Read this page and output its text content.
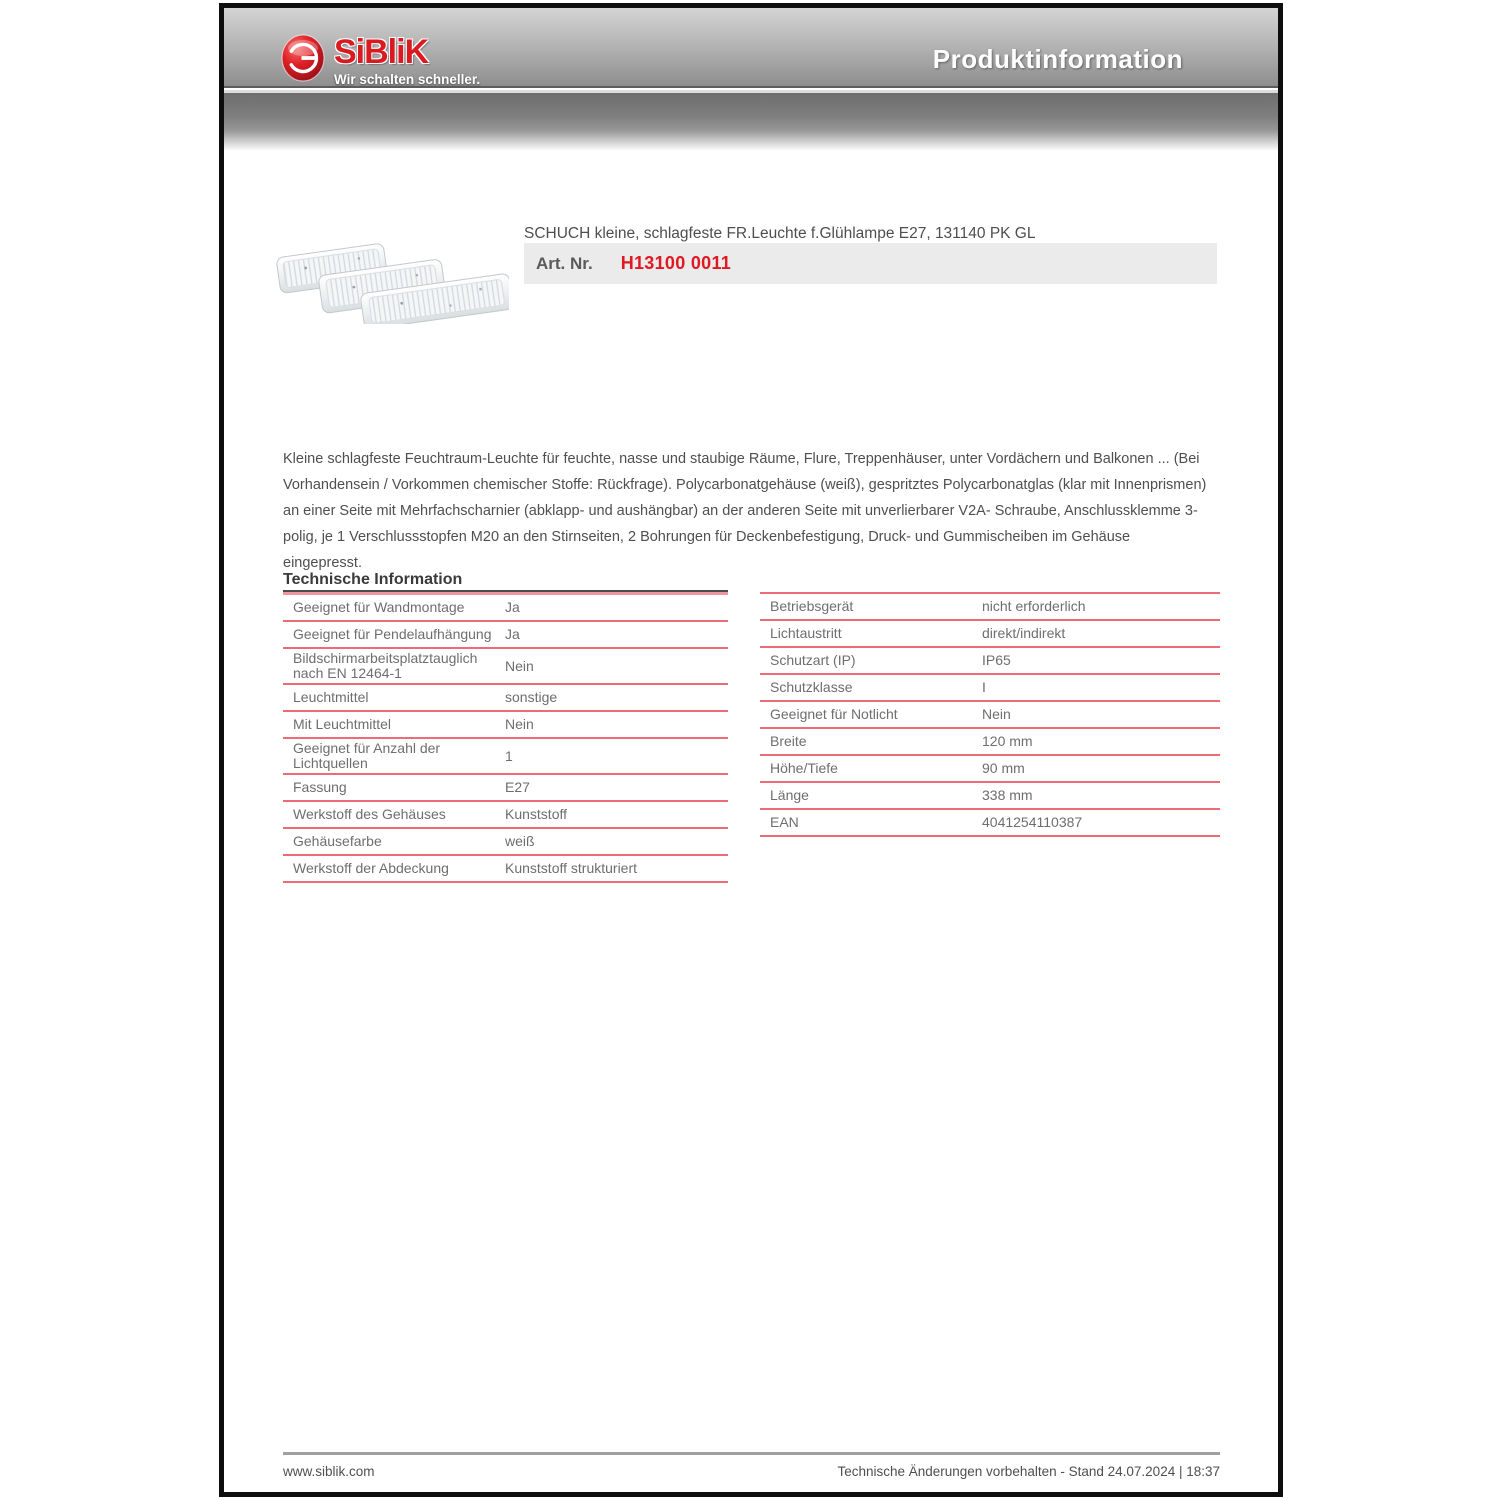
SiBliK
Wir schalten schneller.
Produktinformation
SCHUCH kleine, schlagfeste FR.Leuchte f.Glühlampe E27, 131140 PK GL
Art. Nr. H13100 0011

Kleine schlagfeste Feuchtraum-Leuchte für feuchte, nasse und staubige Räume, Flure, Treppenhäuser, unter Vordächern und Balkonen ... (Bei Vorhandensein / Vorkommen chemischer Stoffe: Rückfrage). Polycarbonatgehäuse (weiß), gespritztes Polycarbonatglas (klar mit Innenprismen) an einer Seite mit Mehrfachscharnier (abklapp- und aushängbar) an der anderen Seite mit unverlierbarer V2A- Schraube, Anschlussklemme 3-polig, je 1 Verschlussstopfen M20 an den Stirnseiten, 2 Bohrungen für Deckenbefestigung, Druck- und Gummischeiben im Gehäuse eingepresst.

Technische Information
Geeignet für Wandmontage	Ja
Geeignet für Pendelaufhängung Ja
Bildschirmarbeitsplatztauglich nach EN 12464-1	Nein
Leuchtmittel	sonstige
Mit Leuchtmittel	Nein
Geeignet für Anzahl der Lichtquellen	1
Fassung	E27
Werkstoff des Gehäuses	Kunststoff
Gehäusefarbe	weiß
Werkstoff der Abdeckung	Kunststoff strukturiert
Betriebsgerät	nicht erforderlich
Lichtaustritt	direkt/indirekt
Schutzart (IP)	IP65
Schutzklasse	I
Geeignet für Notlicht	Nein
Breite	120 mm
Höhe/Tiefe	90 mm
Länge	338 mm
EAN	4041254110387
www.siblik.com	Technische Änderungen vorbehalten - Stand 24.07.2024 | 18:37
